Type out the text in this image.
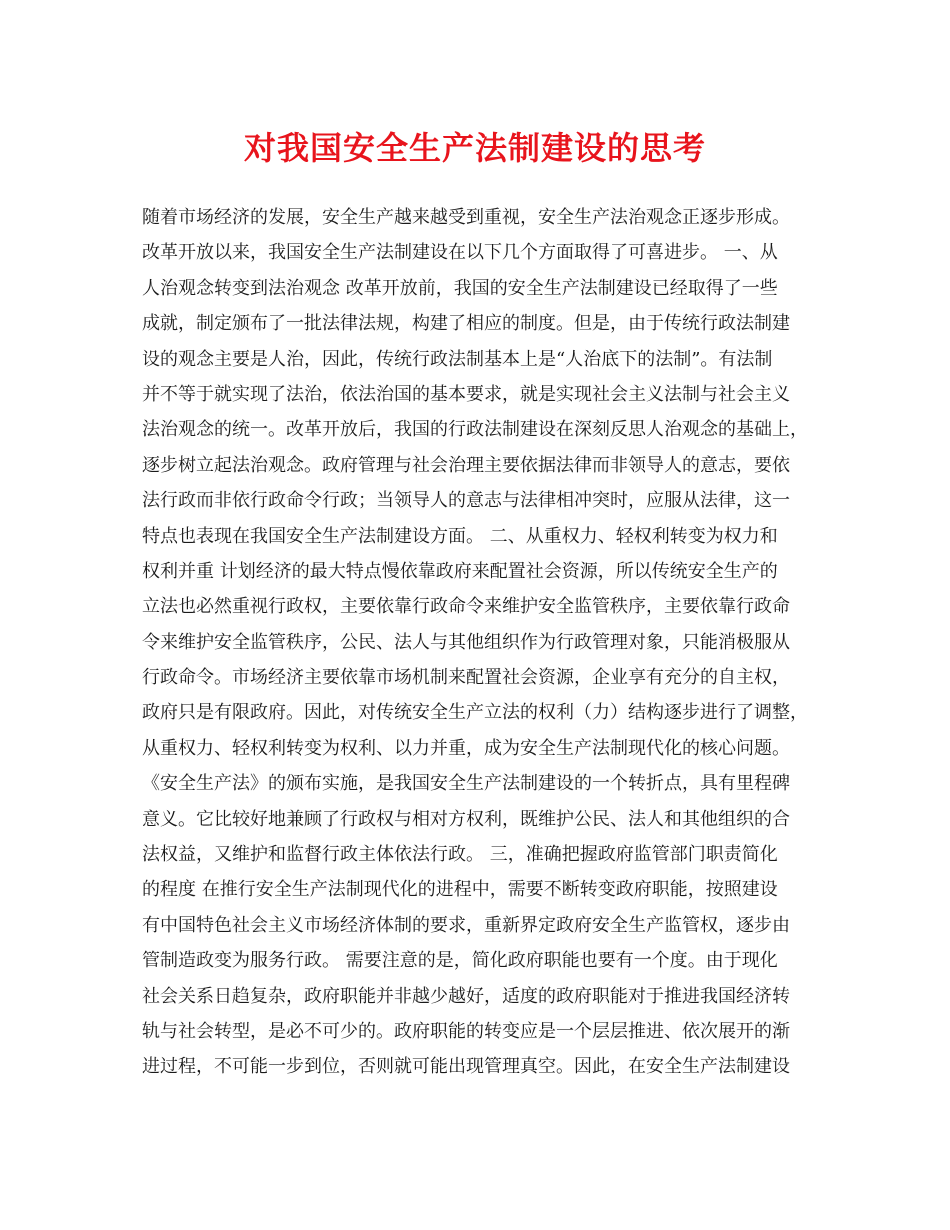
对我国安全生产法制建设的思考
随着市场经济的发展，安全生产越来越受到重视，安全生产法治观念正逐步形成。
改革开放以来，我国安全生产法制建设在以下几个方面取得了可喜进步。 一、从
人治观念转变到法治观念 改革开放前，我国的安全生产法制建设已经取得了一些
成就，制定颁布了一批法律法规，构建了相应的制度。但是，由于传统行政法制建
设的观念主要是人治，因此，传统行政法制基本上是“人治底下的法制”。有法制
并不等于就实现了法治，依法治国的基本要求，就是实现社会主义法制与社会主义
法治观念的统一。改革开放后，我国的行政法制建设在深刻反思人治观念的基础上，
逐步树立起法治观念。政府管理与社会治理主要依据法律而非领导人的意志，要依
法行政而非依行政命令行政；当领导人的意志与法律相冲突时，应服从法律，这一
特点也表现在我国安全生产法制建设方面。 二、从重权力、轻权利转变为权力和
权利并重 计划经济的最大特点慢依靠政府来配置社会资源，所以传统安全生产的
立法也必然重视行政权，主要依靠行政命令来维护安全监管秩序，主要依靠行政命
令来维护安全监管秩序，公民、法人与其他组织作为行政管理对象，只能消极服从
行政命令。市场经济主要依靠市场机制来配置社会资源，企业享有充分的自主权，
政府只是有限政府。因此，对传统安全生产立法的权利（力）结构逐步进行了调整，
从重权力、轻权利转变为权利、以力并重，成为安全生产法制现代化的核心问题。
《安全生产法》的颁布实施，是我国安全生产法制建设的一个转折点，具有里程碑
意义。它比较好地兼顾了行政权与相对方权利，既维护公民、法人和其他组织的合
法权益，又维护和监督行政主体依法行政。 三，准确把握政府监管部门职责简化
的程度 在推行安全生产法制现代化的进程中，需要不断转变政府职能，按照建设
有中国特色社会主义市场经济体制的要求，重新界定政府安全生产监管权，逐步由
管制造政变为服务行政。 需要注意的是，简化政府职能也要有一个度。由于现化
社会关系日趋复杂，政府职能并非越少越好，适度的政府职能对于推进我国经济转
轨与社会转型，是必不可少的。政府职能的转变应是一个层层推进、依次展开的渐
进过程，不可能一步到位，否则就可能出现管理真空。因此，在安全生产法制建设
